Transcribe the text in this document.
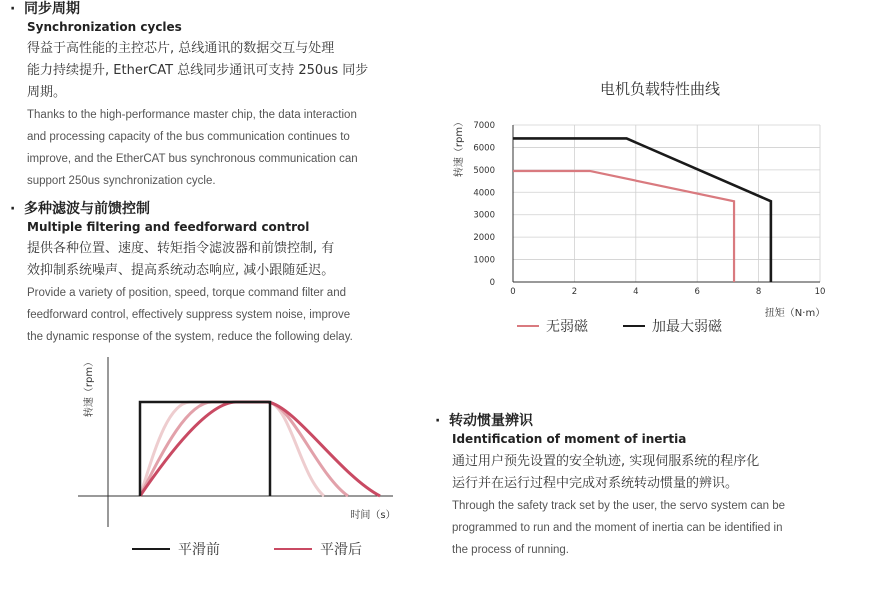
· 同步周期
Synchronization cycles
得益于高性能的主控芯片, 总线通讯的数据交互与处理
能力持续提升, EtherCAT 总线同步通讯可支持 250us 同步
周期。
Thanks to the high-performance master chip, the data interaction
and processing capacity of the bus communication continues to
improve, and the EtherCAT bus synchronous communication can
support 250us synchronization cycle.
· 多种滤波与前馈控制
Multiple filtering and feedforward control
提供各种位置、速度、转矩指令滤波器和前馈控制, 有
效抑制系统噪声、提高系统动态响应, 减小跟随延迟。
Provide a variety of position, speed, torque command filter and
feedforward control, effectively suppress system noise, improve
the dynamic response of the system, reduce the following delay.
· 转动惯量辨识
Identification of moment of inertia
通过用户预先设置的安全轨迹, 实现伺服系统的程序化
运行并在运行过程中完成对系统转动惯量的辨识。
Through the safety track set by the user, the servo system can be
programmed to run and the moment of inertia can be identified in
the process of running.
电机负载特性曲线
转速（rpm）
扭矩（N·m）
0
1000
2000
3000
4000
5000
6000
7000
0	2	4	6	8	10
无弱磁	加最大弱磁
转速（rpm）
时间（s）
平滑前	平滑后
